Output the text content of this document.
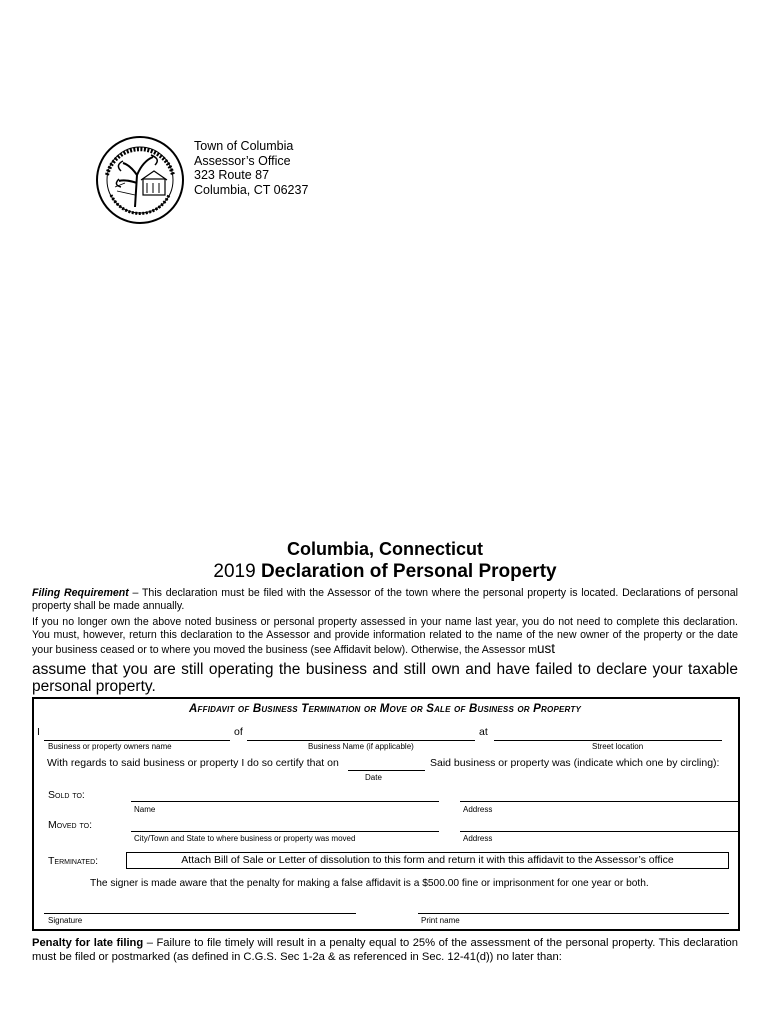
Town of Columbia
Assessor’s Office
323 Route 87
Columbia, CT 06237
Columbia, Connecticut
2019 Declaration of Personal Property
Filing Requirement – This declaration must be filed with the Assessor of the town where the personal property is located. Declarations of personal property shall be made annually.
If you no longer own the above noted business or personal property assessed in your name last year, you do not need to complete this declaration. You must, however, return this declaration to the Assessor and provide information related to the name of the new owner of the property or the date your business ceased or to where you moved the business (see Affidavit below). Otherwise, the Assessor must
assume that you are still operating the business and still own and have failed to declare your taxable personal property.
Affidavit of Business Termination or Move or Sale of Business or Property
I	of	at
Business or property owners name	Business Name (if applicable)	Street location
With regards to said business or property I do so certify that on	Said business or property was (indicate which one by circling):
Date
Sold to:
Name	Address
Moved to:
City/Town and State to where business or property was moved	Address
Terminated:	Attach Bill of Sale or Letter of dissolution to this form and return it with this affidavit to the Assessor’s office
The signer is made aware that the penalty for making a false affidavit is a $500.00 fine or imprisonment for one year or both.
Signature	Print name
Penalty for late filing – Failure to file timely will result in a penalty equal to 25% of the assessment of the personal property. This declaration must be filed or postmarked (as defined in C.G.S. Sec 1-2a & as referenced in Sec. 12-41(d)) no later than:
